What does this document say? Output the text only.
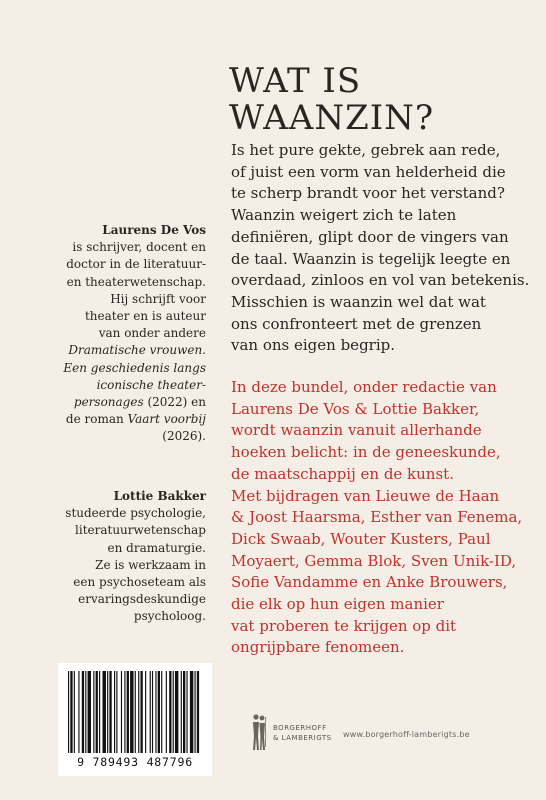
WAT IS
WAANZIN?
Is het pure gekte, gebrek aan rede,
of juist een vorm van helderheid die
te scherp brandt voor het verstand?
Waanzin weigert zich te laten
definiëren, glipt door de vingers van
de taal. Waanzin is tegelijk leegte en
overdaad, zinloos en vol van betekenis.
Misschien is waanzin wel dat wat
ons confronteert met de grenzen
van ons eigen begrip.
In deze bundel, onder redactie van
Laurens De Vos & Lottie Bakker,
wordt waanzin vanuit allerhande
hoeken belicht: in de geneeskunde,
de maatschappij en de kunst.
Met bijdragen van Lieuwe de Haan
& Joost Haarsma, Esther van Fenema,
Dick Swaab, Wouter Kusters, Paul
Moyaert, Gemma Blok, Sven Unik-ID,
Sofie Vandamme en Anke Brouwers,
die elk op hun eigen manier
vat proberen te krijgen op dit
ongrijpbare fenomeen.
Laurens De Vos
is schrijver, docent en
doctor in de literatuur-
en theaterwetenschap.
Hij schrijft voor
theater en is auteur
van onder andere
Dramatische vrouwen.
Een geschiedenis langs
iconische theater-
personages (2022) en
de roman Vaart voorbij
(2026).
Lottie Bakker
studeerde psychologie,
literatuurwetenschap
en dramaturgie.
Ze is werkzaam in
een psychoseteam als
ervaringsdeskundige
psycholoog.
9 789493 487796
BORGERHOFF
& LAMBERIGTS www.borgerhoff-lamberigts.be
